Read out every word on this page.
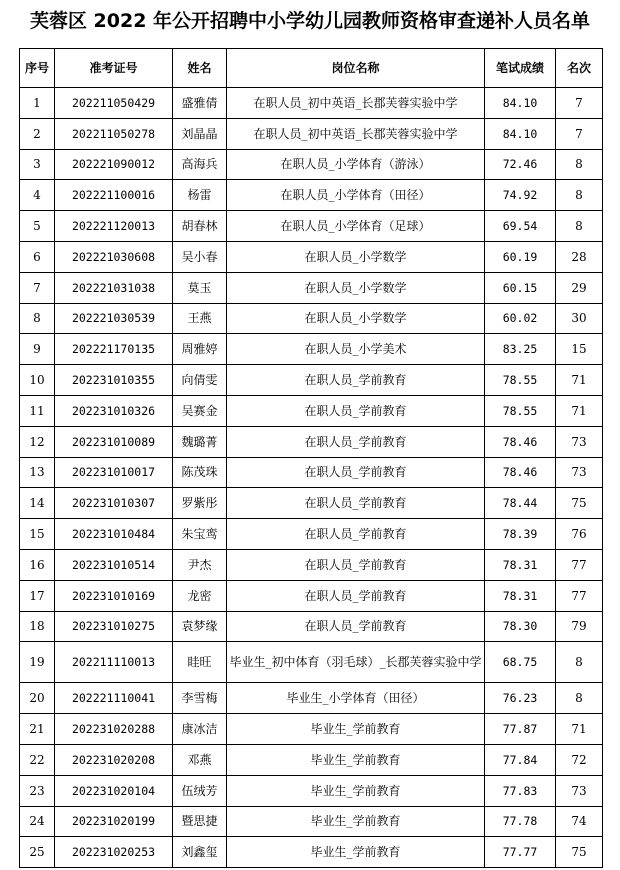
芙蓉区 2022 年公开招聘中小学幼儿园教师资格审查递补人员名单
序号	准考证号	姓名	岗位名称	笔试成绩	名次
1	202211050429	盛雅倩	在职人员_初中英语_长郡芙蓉实验中学	84.10	7
2	202211050278	刘晶晶	在职人员_初中英语_长郡芙蓉实验中学	84.10	7
3	202221090012	高海兵	在职人员_小学体育（游泳）	72.46	8
4	202221100016	杨雷	在职人员_小学体育（田径）	74.92	8
5	202221120013	胡春林	在职人员_小学体育（足球）	69.54	8
6	202221030608	吴小春	在职人员_小学数学	60.19	28
7	202221031038	莫玉	在职人员_小学数学	60.15	29
8	202221030539	王燕	在职人员_小学数学	60.02	30
9	202221170135	周雅婷	在职人员_小学美术	83.25	15
10	202231010355	向倩雯	在职人员_学前教育	78.55	71
11	202231010326	吴赛金	在职人员_学前教育	78.55	71
12	202231010089	魏璐菁	在职人员_学前教育	78.46	73
13	202231010017	陈茂珠	在职人员_学前教育	78.46	73
14	202231010307	罗紫彤	在职人员_学前教育	78.44	75
15	202231010484	朱宝鸾	在职人员_学前教育	78.39	76
16	202231010514	尹杰	在职人员_学前教育	78.31	77
17	202231010169	龙密	在职人员_学前教育	78.31	77
18	202231010275	袁梦缘	在职人员_学前教育	78.30	79
19	202211110013	眭旺	毕业生_初中体育（羽毛球）_长郡芙蓉实验中学	68.75	8
20	202221110041	李雪梅	毕业生_小学体育（田径）	76.23	8
21	202231020288	康冰洁	毕业生_学前教育	77.87	71
22	202231020208	邓燕	毕业生_学前教育	77.84	72
23	202231020104	伍绒芳	毕业生_学前教育	77.83	73
24	202231020199	暨思捷	毕业生_学前教育	77.78	74
25	202231020253	刘鑫玺	毕业生_学前教育	77.77	75
